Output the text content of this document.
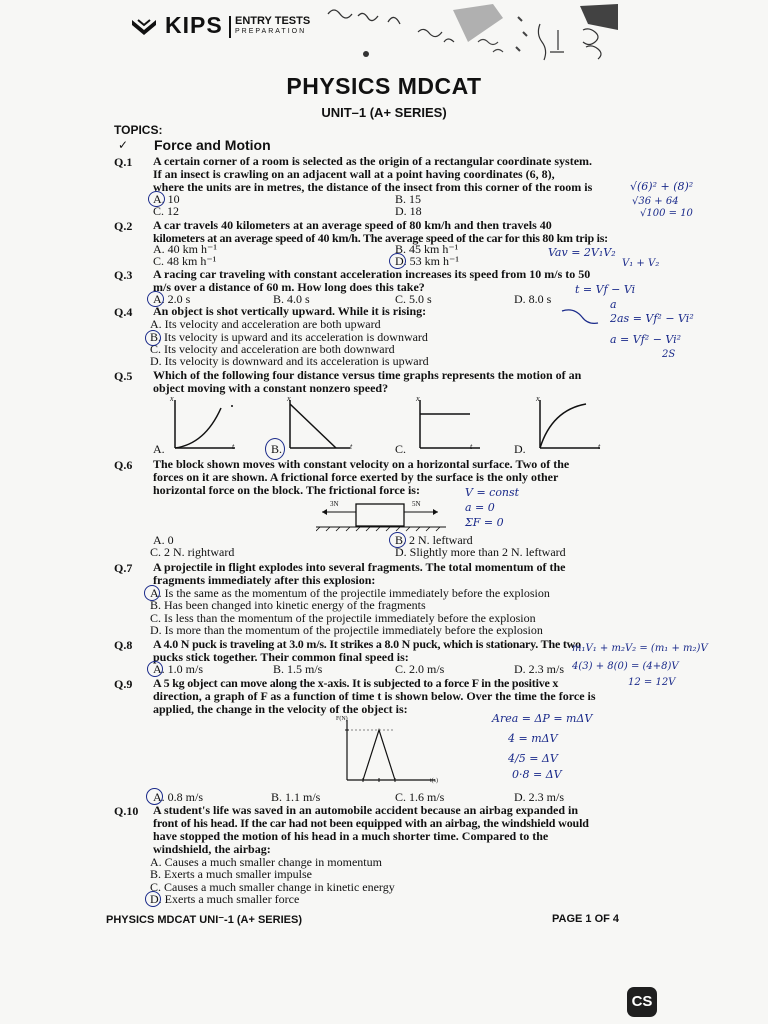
KIPS ENTRY TESTS
PREPARATION
PHYSICS MDCAT
UNIT–1 (A+ SERIES)
TOPICS:
✓ Force and Motion
Q.1 A certain corner of a room is selected as the origin of a rectangular coordinate system.
If an insect is crawling on an adjacent wall at a point having coordinates (6, 8),
where the units are in metres, the distance of the insect from this corner of the room is
A. 10	B. 15
C. 12	D. 18
√(6)² + (8)²
√36 + 64
√100 = 10
Q.2 A car travels 40 kilometers at an average speed of 80 km/h and then travels 40
kilometers at an average speed of 40 km/h. The average speed of the car for this 80 km trip is:
A. 40 km h⁻¹	B. 45 km h⁻¹
C. 48 km h⁻¹	D. 53 km h⁻¹
Vav = 2V₁V₂
V₁ + V₂
Q.3 A racing car traveling with constant acceleration increases its speed from 10 m/s to 50
m/s over a distance of 60 m. How long does this take?
A. 2.0 s	B. 4.0 s	C. 5.0 s	D. 8.0 s
t = Vf − Vi
a
2as = Vf² − Vi²
a = Vf² − Vi²
2S
Q.4 An object is shot vertically upward. While it is rising:
A. Its velocity and acceleration are both upward
B. Its velocity is upward and its acceleration is downward
C. Its velocity and acceleration are both downward
D. Its velocity is downward and its acceleration is upward
Q.5 Which of the following four distance versus time graphs represents the motion of an
object moving with a constant nonzero speed?
t
x
A.
x
t
B.
x
t
C.
x
t
D.
Q.6 The block shown moves with constant velocity on a horizontal surface. Two of the
forces on it are shown. A frictional force exerted by the surface is the only other
horizontal force on the block. The frictional force is:
3N	5N
A. 0	B. 2 N. leftward
C. 2 N. rightward	D. Slightly more than 2 N. leftward
V = const
a = 0
ΣF = 0
Q.7 A projectile in flight explodes into several fragments. The total momentum of the
fragments immediately after this explosion:
A. Is the same as the momentum of the projectile immediately before the explosion
B. Has been changed into kinetic energy of the fragments
C. Is less than the momentum of the projectile immediately before the explosion
D. Is more than the momentum of the projectile immediately before the explosion
Q.8 A 4.0 N puck is traveling at 3.0 m/s. It strikes a 8.0 N puck, which is stationary. The two
pucks stick together. Their common final speed is:
A. 1.0 m/s	B. 1.5 m/s	C. 2.0 m/s	D. 2.3 m/s
m₁V₁ + m₂V₂ = (m₁ + m₂)V
4(3) + 8(0) = (4+8)V
12 = 12V
Q.9 A 5 kg object can move along the x-axis. It is subjected to a force F in the positive x
direction, a graph of F as a function of time t is shown below. Over the time the force is
applied, the change in the velocity of the object is:
F(N)
t(s)
A. 0.8 m/s	B. 1.1 m/s	C. 1.6 m/s	D. 2.3 m/s
Area = ΔP = mΔV
4 = mΔV
4/5 = ΔV
0·8 = ΔV
Q.10 A student's life was saved in an automobile accident because an airbag expanded in
front of his head. If the car had not been equipped with an airbag, the windshield would
have stopped the motion of his head in a much shorter time. Compared to the
windshield, the airbag:
A. Causes a much smaller change in momentum
B. Exerts a much smaller impulse
C. Causes a much smaller change in kinetic energy
D. Exerts a much smaller force
PHYSICS MDCAT UNI⁻-1 (A+ SERIES)	PAGE 1 OF 4
CS
